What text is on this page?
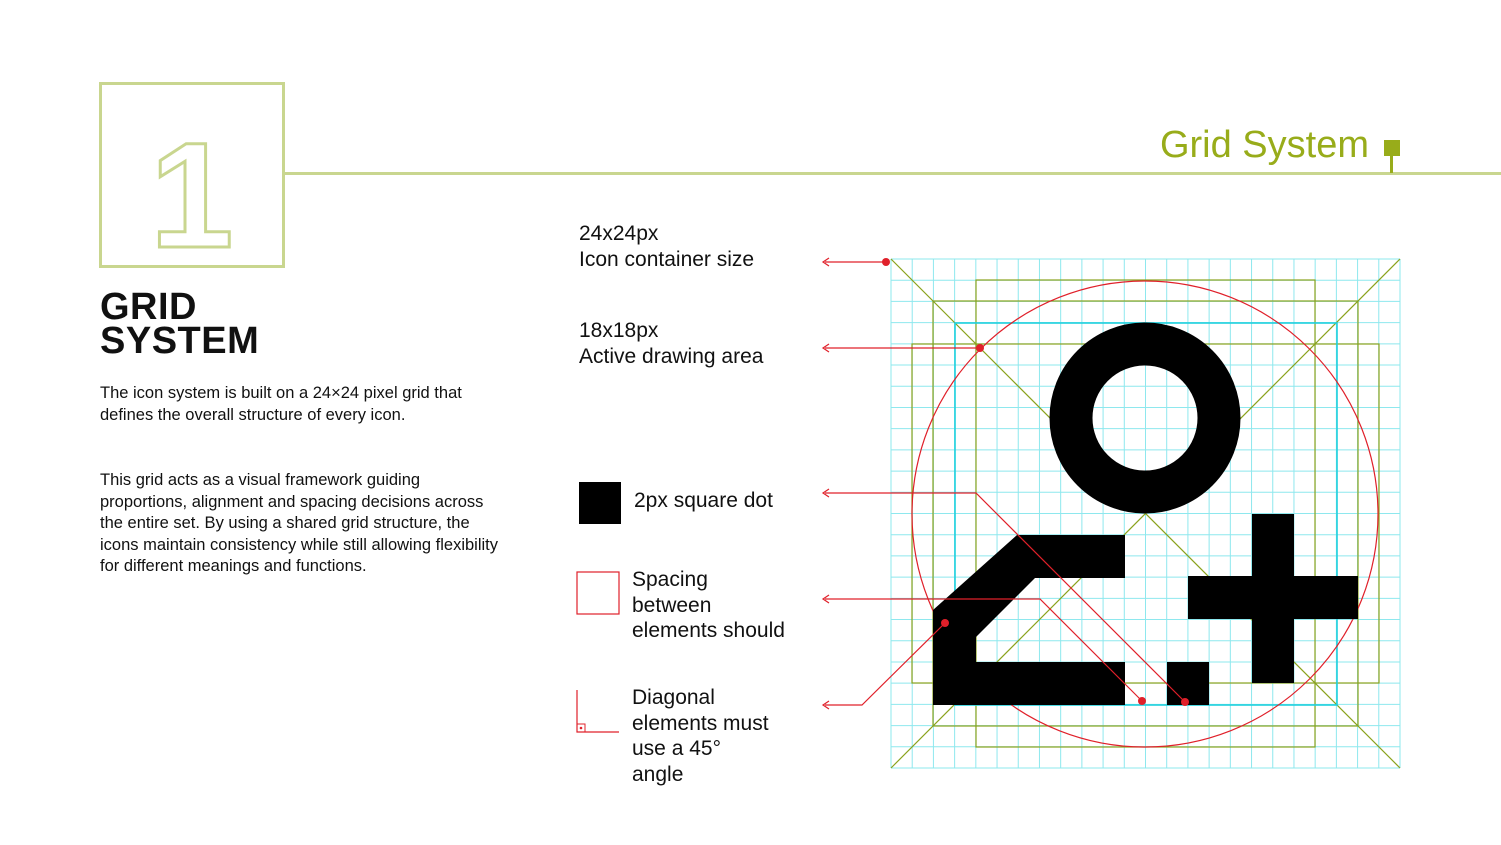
1	Grid System
GRID
SYSTEM
The icon system is built on a 24×24 pixel grid that defines the overall structure of every icon.
This grid acts as a visual framework guiding proportions, alignment and spacing decisions across the entire set. By using a shared grid structure, the icons maintain consistency while still allowing flexibility for different meanings and functions.
24x24px
Icon container size
18x18px
Active drawing area
2px square dot
Spacing
between
elements should
Diagonal
elements must
use a 45°
angle
